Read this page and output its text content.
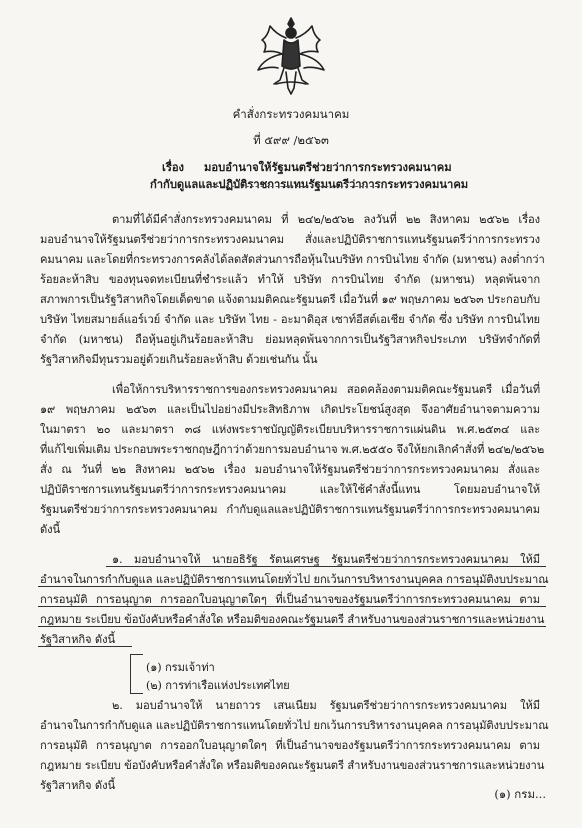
คำสั่งกระทรวงคมนาคม
ที่ ๕๙๙ /๒๕๖๓
เรื่อง มอบอำนาจให้รัฐมนตรีช่วยว่าการกระทรวงคมนาคม
กำกับดูแลและปฏิบัติราชการแทนรัฐมนตรีว่าการกระทรวงคมนาคม
ตามที่ได้มีคำสั่งกระทรวงคมนาคม ที่ ๒๔๒/๒๕๖๒ ลงวันที่ ๒๒ สิงหาคม ๒๕๖๒ เรื่อง
มอบอำนาจให้รัฐมนตรีช่วยว่าการกระทรวงคมนาคม สั่งและปฏิบัติราชการแทนรัฐมนตรีว่าการกระทรวง
คมนาคม และโดยที่กระทรวงการคลังได้ลดสัดส่วนการถือหุ้นในบริษัท การบินไทย จำกัด (มหาชน) ลงต่ำกว่า
ร้อยละห้าสิบ ของทุนจดทะเบียนที่ชำระแล้ว ทำให้ บริษัท การบินไทย จำกัด (มหาชน) หลุดพ้นจาก
สภาพการเป็นรัฐวิสาหกิจโดยเด็ดขาด แจ้งตามมติคณะรัฐมนตรี เมื่อวันที่ ๑๙ พฤษภาคม ๒๕๖๓ ประกอบกับ
บริษัท ไทยสมายล์แอร์เวย์ จำกัด และ บริษัท ไทย - อะมาดิอุส เซาท์อีสต์เอเชีย จำกัด ซึ่ง บริษัท การบินไทย
จำกัด (มหาชน) ถือหุ้นอยู่เกินร้อยละห้าสิบ ย่อมหลุดพ้นจากการเป็นรัฐวิสาหกิจประเภท บริษัทจำกัดที่
รัฐวิสาหกิจมีทุนรวมอยู่ด้วยเกินร้อยละห้าสิบ ด้วยเช่นกัน นั้น
เพื่อให้การบริหารราชการของกระทรวงคมนาคม สอดคล้องตามมติคณะรัฐมนตรี เมื่อวันที่
๑๙ พฤษภาคม ๒๕๖๓ และเป็นไปอย่างมีประสิทธิภาพ เกิดประโยชน์สูงสุด จึงอาศัยอำนาจตามความ
ในมาตรา ๒๐ และมาตรา ๓๘ แห่งพระราชบัญญัติระเบียบบริหารราชการแผ่นดิน พ.ศ.๒๕๓๔ และ
ที่แก้ไขเพิ่มเติม ประกอบพระราชกฤษฎีกาว่าด้วยการมอบอำนาจ พ.ศ.๒๕๕๐ จึงให้ยกเลิกคำสั่งที่ ๒๔๒/๒๕๖๒
สั่ง ณ วันที่ ๒๒ สิงหาคม ๒๕๖๒ เรื่อง มอบอำนาจให้รัฐมนตรีช่วยว่าการกระทรวงคมนาคม สั่งและ
ปฏิบัติราชการแทนรัฐมนตรีว่าการกระทรวงคมนาคม และให้ใช้คำสั่งนี้แทน โดยมอบอำนาจให้
รัฐมนตรีช่วยว่าการกระทรวงคมนาคม กำกับดูแลและปฏิบัติราชการแทนรัฐมนตรีว่าการกระทรวงคมนาคม
ดังนี้
๑. มอบอำนาจให้ นายอธิรัฐ รัตนเศรษฐ รัฐมนตรีช่วยว่าการกระทรวงคมนาคม ให้มี
อำนาจในการกำกับดูแล และปฏิบัติราชการแทนโดยทั่วไป ยกเว้นการบริหารงานบุคคล การอนุมัติงบประมาณ
การอนุมัติ การอนุญาต การออกใบอนุญาตใดๆ ที่เป็นอำนาจของรัฐมนตรีว่าการกระทรวงคมนาคม ตาม
กฎหมาย ระเบียบ ข้อบังคับหรือคำสั่งใด หรือมติของคณะรัฐมนตรี สำหรับงานของส่วนราชการและหน่วยงาน
รัฐวิสาหกิจ ดังนี้
(๑) กรมเจ้าท่า
(๒) การท่าเรือแห่งประเทศไทย
๒. มอบอำนาจให้ นายถาวร เสนเนียม รัฐมนตรีช่วยว่าการกระทรวงคมนาคม ให้มี
อำนาจในการกำกับดูแล และปฏิบัติราชการแทนโดยทั่วไป ยกเว้นการบริหารงานบุคคล การอนุมัติงบประมาณ
การอนุมัติ การอนุญาต การออกใบอนุญาตใดๆ ที่เป็นอำนาจของรัฐมนตรีว่าการกระทรวงคมนาคม ตาม
กฎหมาย ระเบียบ ข้อบังคับหรือคำสั่งใด หรือมติของคณะรัฐมนตรี สำหรับงานของส่วนราชการและหน่วยงาน
รัฐวิสาหกิจ ดังนี้
(๑) กรม...
